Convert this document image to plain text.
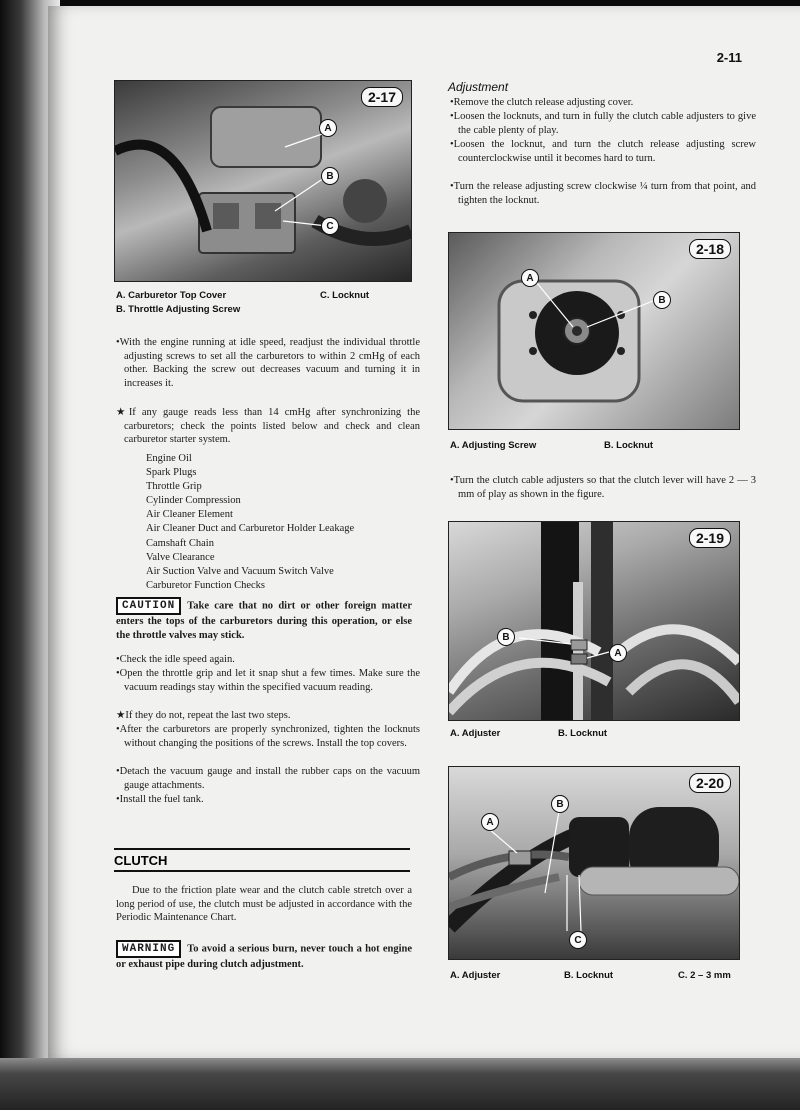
2-11
2-17
A
B
C
A. Carburetor Top Cover	C. Locknut
B. Throttle Adjusting Screw
•With the engine running at idle speed, readjust the individual throttle adjusting screws to set all the carburetors to within 2 cmHg of each other. Backing the screw out decreases vacuum and turning it in increases it.
★If any gauge reads less than 14 cmHg after synchronizing the carburetors; check the points listed below and check and clean carburetor starter system.
Engine Oil
Spark Plugs
Throttle Grip
Cylinder Compression
Air Cleaner Element
Air Cleaner Duct and Carburetor Holder Leakage
Camshaft Chain
Valve Clearance
Air Suction Valve and Vacuum Switch Valve
Carburetor Function Checks
CAUTION Take care that no dirt or other foreign matter enters the tops of the carburetors during this operation, or else the throttle valves may stick.
•Check the idle speed again.
•Open the throttle grip and let it snap shut a few times. Make sure the vacuum readings stay within the specified vacuum reading.
★If they do not, repeat the last two steps.
•After the carburetors are properly synchronized, tighten the locknuts without changing the positions of the screws. Install the top covers.
•Detach the vacuum gauge and install the rubber caps on the vacuum gauge attachments.
•Install the fuel tank.
CLUTCH
Due to the friction plate wear and the clutch cable stretch over a long period of use, the clutch must be adjusted in accordance with the Periodic Maintenance Chart.
WARNING To avoid a serious burn, never touch a hot engine or exhaust pipe during clutch adjustment.
Adjustment
•Remove the clutch release adjusting cover.
•Loosen the locknuts, and turn in fully the clutch cable adjusters to give the cable plenty of play.
•Loosen the locknut, and turn the clutch release adjusting screw counterclockwise until it becomes hard to turn.
•Turn the release adjusting screw clockwise ¼ turn from that point, and tighten the locknut.
2-18
A
B
A. Adjusting Screw	B. Locknut
•Turn the clutch cable adjusters so that the clutch lever will have 2 — 3 mm of play as shown in the figure.
2-19
B
A
A. Adjuster	B. Locknut
2-20
A
B
C
A. Adjuster	B. Locknut	C. 2 – 3 mm
